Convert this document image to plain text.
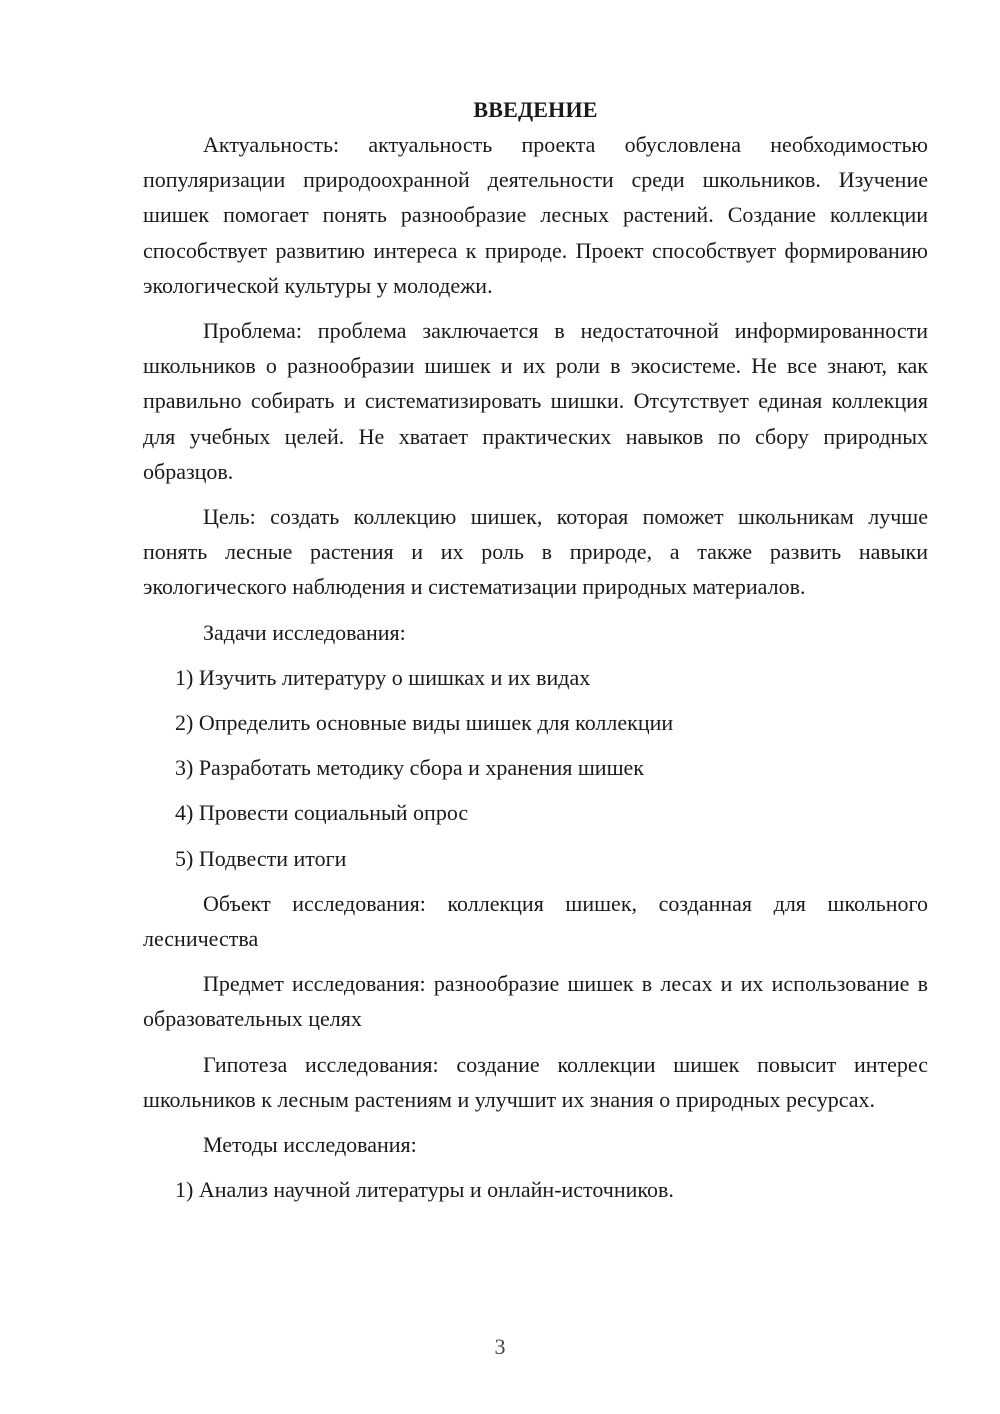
ВВЕДЕНИЕ

Актуальность: актуальность проекта обусловлена необходимостью популяризации природоохранной деятельности среди школьников. Изучение шишек помогает понять разнообразие лесных растений. Создание коллекции способствует развитию интереса к природе. Проект способствует формированию экологической культуры у молодежи.

Проблема: проблема заключается в недостаточной информированности школьников о разнообразии шишек и их роли в экосистеме. Не все знают, как правильно собирать и систематизировать шишки. Отсутствует единая коллекция для учебных целей. Не хватает практических навыков по сбору природных образцов.

Цель: создать коллекцию шишек, которая поможет школьникам лучше понять лесные растения и их роль в природе, а также развить навыки экологического наблюдения и систематизации природных материалов.

Задачи исследования:

1) Изучить литературу о шишках и их видах
2) Определить основные виды шишек для коллекции
3) Разработать методику сбора и хранения шишек
4) Провести социальный опрос
5) Подвести итоги

Объект исследования: коллекция шишек, созданная для школьного лесничества

Предмет исследования: разнообразие шишек в лесах и их использование в образовательных целях

Гипотеза исследования: создание коллекции шишек повысит интерес школьников к лесным растениям и улучшит их знания о природных ресурсах.

Методы исследования:

1) Анализ научной литературы и онлайн-источников.
3
